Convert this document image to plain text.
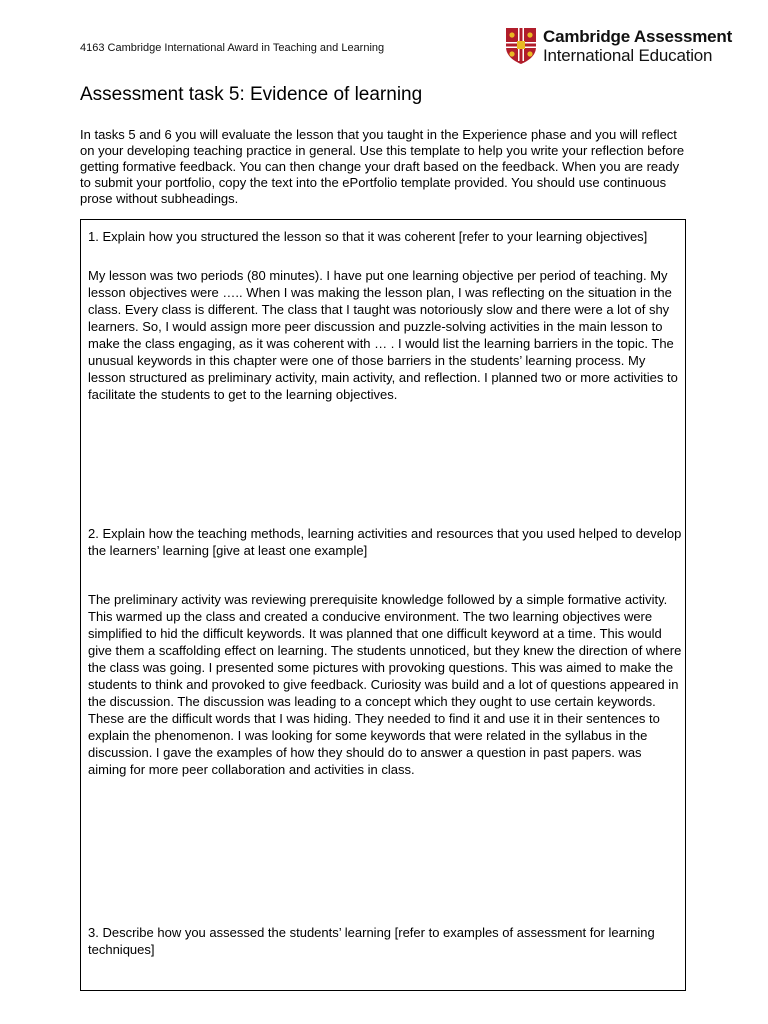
4163 Cambridge International Award in Teaching and Learning
Cambridge Assessment
International Education
Assessment task 5: Evidence of learning

In tasks 5 and 6 you will evaluate the lesson that you taught in the Experience phase and you will reflect on your developing teaching practice in general. Use this template to help you write your reflection before getting formative feedback. You can then change your draft based on the feedback. When you are ready to submit your portfolio, copy the text into the ePortfolio template provided. You should use continuous prose without subheadings.

1. Explain how you structured the lesson so that it was coherent [refer to your learning objectives]

My lesson was two periods (80 minutes). I have put one learning objective per period of teaching. My lesson objectives were ….. When I was making the lesson plan, I was reflecting on the situation in the class. Every class is different. The class that I taught was notoriously slow and there were a lot of shy learners. So, I would assign more peer discussion and puzzle-solving activities in the main lesson to make the class engaging, as it was coherent with … . I would list the learning barriers in the topic. The unusual keywords in this chapter were one of those barriers in the students’ learning process. My lesson structured as preliminary activity, main activity, and reflection. I planned two or more activities to facilitate the students to get to the learning objectives.

2. Explain how the teaching methods, learning activities and resources that you used helped to develop the learners’ learning [give at least one example]

The preliminary activity was reviewing prerequisite knowledge followed by a simple formative activity. This warmed up the class and created a conducive environment. The two learning objectives were simplified to hid the difficult keywords. It was planned that one difficult keyword at a time. This would give them a scaffolding effect on learning. The students unnoticed, but they knew the direction of where the class was going. I presented some pictures with provoking questions. This was aimed to make the students to think and provoked to give feedback. Curiosity was build and a lot of questions appeared in the discussion. The discussion was leading to a concept which they ought to use certain keywords. These are the difficult words that I was hiding. They needed to find it and use it in their sentences to explain the phenomenon. I was looking for some keywords that were related in the syllabus in the discussion. I gave the examples of how they should do to answer a question in past papers. was aiming for more peer collaboration and activities in class.

3. Describe how you assessed the students’ learning [refer to examples of assessment for learning techniques]
